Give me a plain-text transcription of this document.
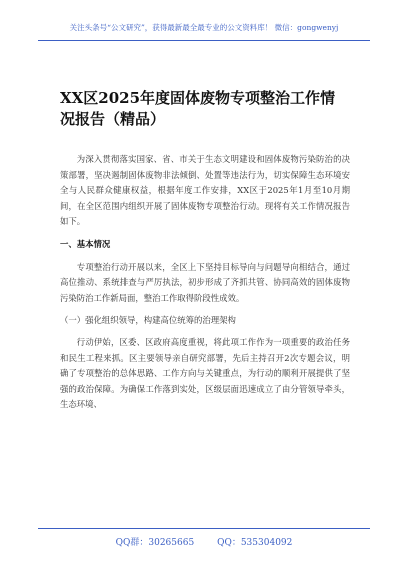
关注头条号“公文研究”，获得最新最全最专业的公文资料库！ 微信：gongwenyj
XX区2025年度固体废物专项整治工作情况报告（精品）

为深入贯彻落实国家、省、市关于生态文明建设和固体废物污染防治的决策部署，坚决遏制固体废物非法倾倒、处置等违法行为，切实保障生态环境安全与人民群众健康权益，根据年度工作安排，XX区于2025年1月至10月期间，在全区范围内组织开展了固体废物专项整治行动。现将有关工作情况报告如下。

一、基本情况

专项整治行动开展以来，全区上下坚持目标导向与问题导向相结合，通过高位推动、系统排查与严厉执法，初步形成了齐抓共管、协同高效的固体废物污染防治工作新局面，整治工作取得阶段性成效。

（一）强化组织领导，构建高位统筹的治理架构

行动伊始，区委、区政府高度重视，将此项工作作为一项重要的政治任务和民生工程来抓。区主要领导亲自研究部署，先后主持召开2次专题会议，明确了专项整治的总体思路、工作方向与关键重点，为行动的顺利开展提供了坚强的政治保障。为确保工作落到实处，区级层面迅速成立了由分管领导牵头，生态环境、

QQ群：30265665	QQ：535304092
